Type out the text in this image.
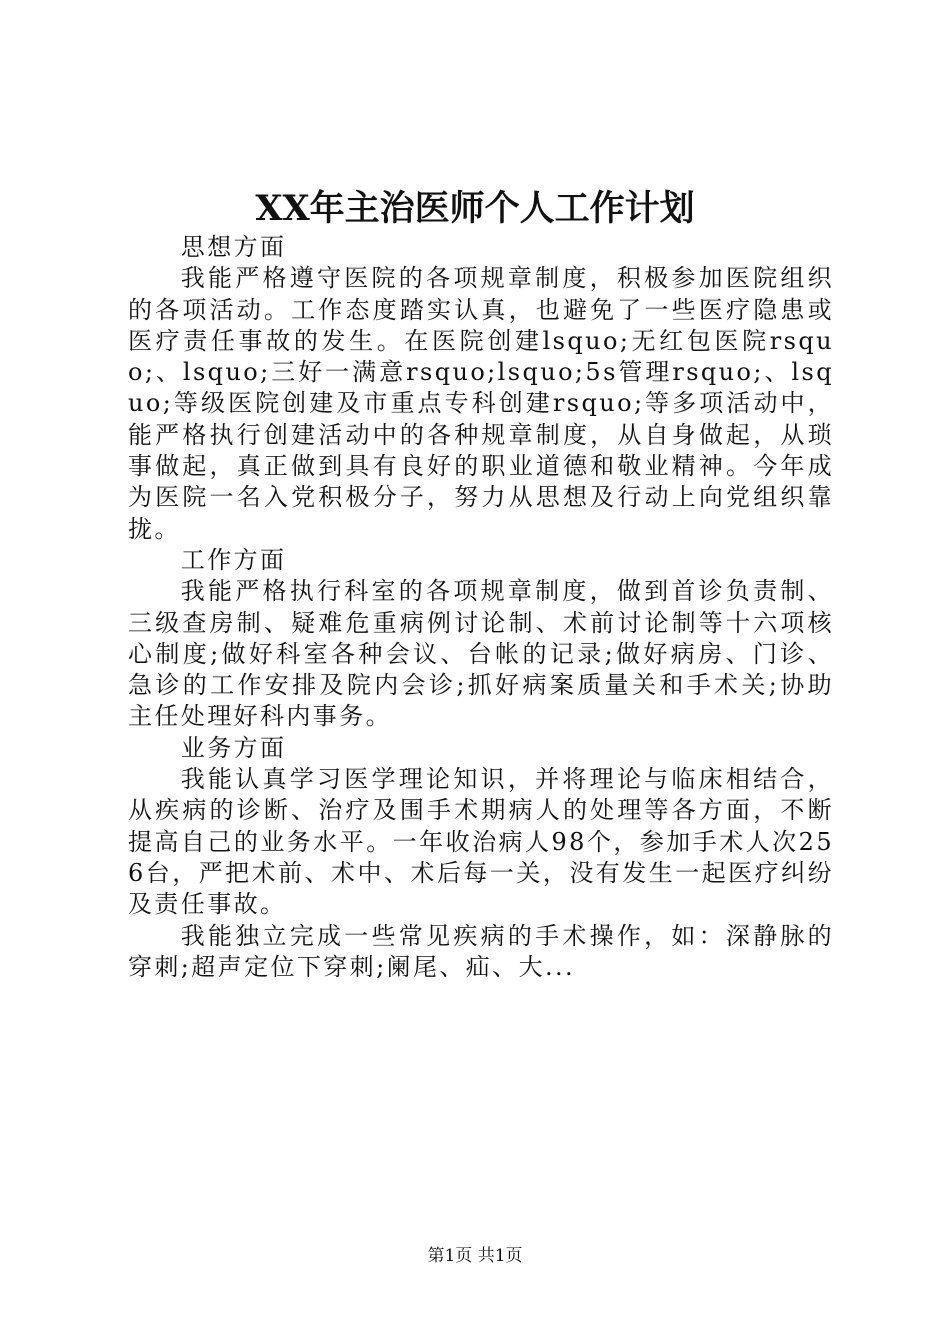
XX年主治医师个人工作计划

思想方面

我能严格遵守医院的各项规章制度，积极参加医院组织的各项活动。工作态度踏实认真，也避免了一些医疗隐患或医疗责任事故的发生。在医院创建lsquo;无红包医院rsquo;、lsquo;三好一满意rsquo;lsquo;5s管理rsquo;、lsquo;等级医院创建及市重点专科创建rsquo;等多项活动中，能严格执行创建活动中的各种规章制度，从自身做起，从琐事做起，真正做到具有良好的职业道德和敬业精神。今年成为医院一名入党积极分子，努力从思想及行动上向党组织靠拢。

工作方面

我能严格执行科室的各项规章制度，做到首诊负责制、三级查房制、疑难危重病例讨论制、术前讨论制等十六项核心制度;做好科室各种会议、台帐的记录;做好病房、门诊、急诊的工作安排及院内会诊;抓好病案质量关和手术关;协助主任处理好科内事务。

业务方面

我能认真学习医学理论知识，并将理论与临床相结合，从疾病的诊断、治疗及围手术期病人的处理等各方面，不断提高自己的业务水平。一年收治病人98个，参加手术人次256台，严把术前、术中、术后每一关，没有发生一起医疗纠纷及责任事故。

我能独立完成一些常见疾病的手术操作，如：深静脉的穿刺;超声定位下穿刺;阑尾、疝、大...

第1页 共1页
